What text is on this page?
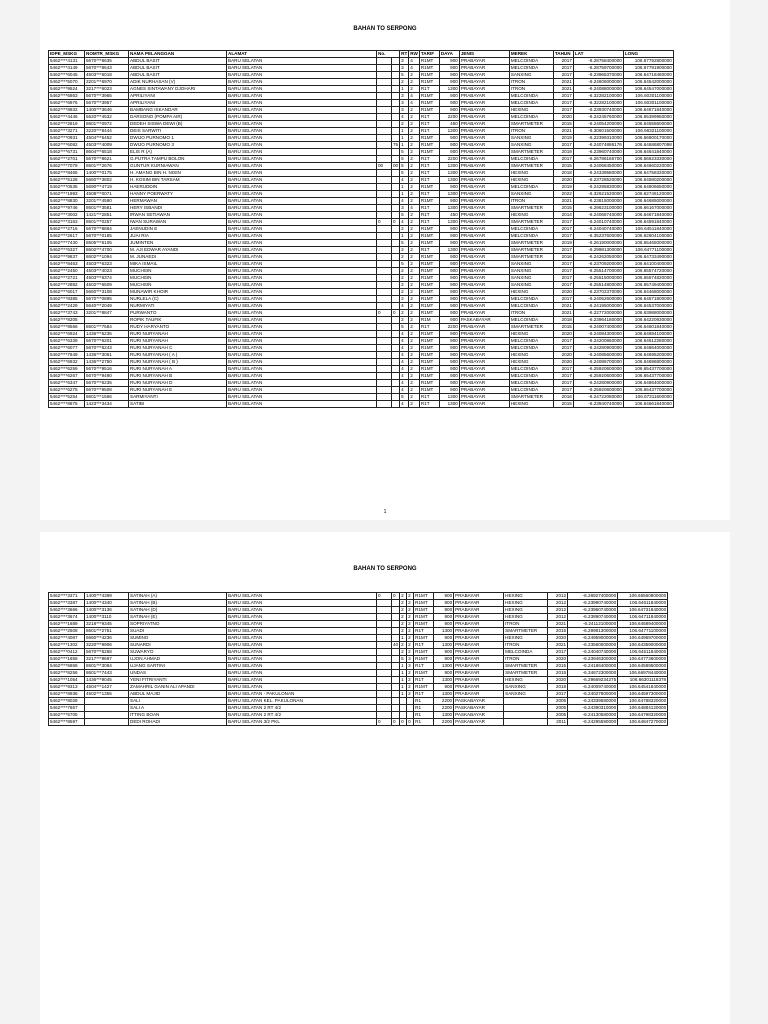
BAHAN TO SERPONG
IDPE_MSKG	NOMTR_MSKG	NAMA PELANGGAN	ALAMAT	No.		RT	RW	TARIF	DAYA	JENIS	MEREK	TAHUN	LAT	LONG
5462****4131	5670***8635	ABDUL BASIT	BARU SELATAN			3	4	R1MT	900	PRABAYAR	MELCOINDA	2017	-6.28758400000	106.67792800000
5462****4149	5670***8643	ABDUL BASIT	BARU SELATAN			3	4	R1MT	900	PRABAYAR	MELCOINDA	2017	-6.28759700000	106.67791900000
5462****6045	4503***6018	ABDUL BASIT	BARU SELATAN			5	2	R1MT	900	PRABAYAR	SANXING	2017	-6.23965370000	106.64718480000
5462****5070	3201***6970	ADIK NURHASAN (V)	BARU SELATAN			2	2	R1MT	900	PRABAYAR	ITRON	2021	-6.24606000000	106.64542000000
5462****9524	3217***6023	AGNES SINTAWANY DJOHARI	BARU SELATAN			1	2	R1T	1300	PRABAYAR	ITRON	2021	-6.24088000000	106.64547000000
5462****6863	5670***3965	APRILIYANI	BARU SELATAN			3	4	R1MT	900	PRABAYAR	MELCOINDA	2017	-6.32282100000	106.60301100000
5462****6976	5670***3957	APRILIYANI	BARU SELATAN			3	4	R1MT	900	PRABAYAR	MELCOINDA	2017	-6.32282100000	106.60301100000
5462****8832	1400***3646	BAMBANG ISKANDAR	BARU SELATAN			3	2	R1MT	900	PRABAYAR	HEXING	2017	-6.23930740000	106.64671840000
5462****4446	5620***4532	DARSONO (POMPA AIR)	BARU SELATAN			4	2	R1T	2200	PRABAYAR	MELCOINDA	2020	-6.24245760000	106.65399950000
5462****2819	8601***0972	DEDEH SISWA DEWI (B)	BARU SELATAN			2	2	R1T	450	PRABAYAR	SMARTMETER	2015	-6.24054200000	106.64558600000
5462****3271	3220***8444	DEIS SARWITI	BARU SELATAN			1	2	R1T	1300	PRABAYAR	ITRON	2021	-6.30601500000	106.66321100000
5462****0931	4504***5452	DWIJO PURNOMO 1	BARU SELATAN			1	2	R1MT	900	PRABAYAR	SANXING	2019	-6.22399310000	106.66800170000
5462****6082	4503***4009	DWIJO PURNOMO 3	BARU SELATAN		75	1	2	R1MT	900	PRABAYAR	SANXING	2017	-6.24074886176	106.64686807098
5462****6731	8604***6518	ELIS R (A)	BARU SELATAN			5	2	R1MT	900	PRABAYAR	SMARTMETER	2019	-6.23960740000	106.64641840000
5462****2701	5670***8621	G.PUTRA TAMPU BOLON	BARU SELATAN			5	2	R1T	2200	PRABAYAR	MELCOINDA	2017	-6.26786166700	106.56623330000
5462****7079	8601***2676	GUNTUR KURNIAWAN	BARU SELATAN	00	00	5	2	R1T	1300	PRABAYAR	SMARTMETER	2015	-6.24068450000	106.64660220000
5462****8465	1400***0175	H. AMANG BIN H. NISIN	BARU SELATAN			5	2	R1T	1300	PRABAYAR	HEXING	2018	-6.24339580000	106.64758320000
5462****5128	5660***3802	H. KOSIM BIN TARSAM	BARU SELATAN			4	2	R1T	1300	PRABAYAR	HEXING	2020	-6.23728520000	106.64580200000
5462****0535	5690***4719	HAERUDDIN	BARU SELATAN			1	2	R1MT	900	PRABAYAR	MELCOINDA	2019	-6.24295830000	106.64806650000
5462****1993	4508***0071	HANNY POERWATY	BARU SELATAN			1	2	R1T	1300	PRABAYAR	SANXING	2022	-6.32621520000	106.62746120000
5462****8830	3201***4590	HERMAWAN	BARU SELATAN			4	2	R1MT	900	PRABAYAR	ITRON	2021	-6.23815000000	106.64685000000
5462****9746	8601***3581	HERY ISBANDI	BARU SELATAN			3	4	R1T	1300	PRABAYAR	SMARTMETER	2015	-6.29623100000	106.66167000000
5462****3002	1421***2851	IRWAN SETIAWAN	BARU SELATAN			5	2	R1T	450	PRABAYAR	HEXING	2014	-6.24068740000	106.64671840000
5462****3163	8601***0257	IWAN SURAWAN	BARU SELATAN	0	0	4	2	R1T	1300	PRABAYAR	SMARTMETER	2017	-6.24010740000	106.64591840000
5462****2716	5670***8864	JAENUDIN E	BARU SELATAN			2	2	R1MT	900	PRABAYAR	MELCOINDA	2017	-6.24040740000	106.64511840000
5462****2617	5670***0185	JUAI RIA	BARU SELATAN			1	2	R1MT	900	PRABAYAR	MELCOINDA	2017	-6.35237600000	106.62804100000
5462****7430	8605***6105	JUMINTEN	BARU SELATAN			5	2	R1MT	900	PRABAYAR	SMARTMETER	2019	-6.26190000000	106.65465000000
5462****6327	8602***4700	M. AJI EDWAR AYANDI	BARU SELATAN			2	2	R1T	1300	PRABAYAR	SMARTMETER	2017	-6.29981300000	106.64771100000
5462****9837	8602***1094	M. JUNAEDI	BARU SELATAN			2	2	R1MT	900	PRABAYAR	SMARTMETER	2016	-6.24262050000	106.64733490000
5462****8463	4503***6323	MIKA ISMAIL	BARU SELATAN			5	2	R1MT	900	PRABAYAR	SANXING	2017	-6.23709200000	106.64100400000
5462****2450	4503***4023	MUCHSIN	BARU SELATAN			2	2	R1MT	900	PRABAYAR	SANXING	2017	-6.25514700000	106.65574720000
5462****2721	4503***6374	MUCHSIN	BARU SELATAN			2	2	R1MT	900	PRABAYAR	SANXING	2017	-6.25515000000	106.65574820000
5462****2882	4502***6509	MUCHSIN	BARU SELATAN			2	2	R1MT	900	PRABAYAR	SANXING	2017	-6.25514800000	106.65749400000
5462****6017	5660***3108	MUNAWIR KHOIR	BARU SELATAN			2	2	R1MT	900	PRABAYAR	HEXING	2020	-6.23702370000	106.64468000000
5462****8385	5670***0895	NURLELA (C)	BARU SELATAN			2	2	R1MT	900	PRABAYAR	MELCOINDA	2017	-6.24052600000	106.64571800000
5462****2429	5640***2049	NURMIYATI	BARU SELATAN			4	2	R1MT	900	PRABAYAR	MELCOINDA	2021	-6.24195000000	106.64537000000
5462****3743	3201***8847	PURWANTO	BARU SELATAN	0	0	2	2	R1MT	900	PRABAYAR	ITRON	2021	-6.22772000000	106.63988000000
5462****8205		ROPIK TAUFIK	BARU SELATAN			2	2	R1M	900	PASKABAYAR	MELCOINDA	2018	-6.23964180000	106.64220930000
5462****9566	8601***7584	RUDY HARYANTO	BARU SELATAN			5	2	R1T	2200	PRABAYAR	SMARTMETER	2015	-6.24007400000	106.64601840000
5462****6924	1436***5235	RURI NURYANAH	BARU SELATAN			4	2	R1MT	900	PRABAYAR	HEXING	2020	-6.24084300000	106.64694100000
5462****6339	5670***6201	RURI NURYANAH	BARU SELATAN			4	2	R1MT	900	PRABAYAR	MELCOINDA	2017	-6.24200860000	106.64612280000
5462****6077	5670***6243	RURI NURYANAH C	BARU SELATAN			4	2	R1MT	900	PRABAYAR	MELCOINDA	2017	-6.24280900000	106.64864000000
5462****7649	1436***3061	RURI NURYANAH ( A )	BARU SELATAN			4	2	R1MT	900	PRABAYAR	HEXING	2020	-6.24085600000	106.64695200000
5462****6932	1436***2750	RURI NURYANAH ( B )	BARU SELATAN			4	2	R1MT	900	PRABAYAR	HEXING	2020	-6.24086700000	106.64696800000
5462****6259	5670***9516	RURI NURYANAH A	BARU SELATAN			4	2	R1MT	900	PRABAYAR	MELCOINDA	2017	-6.25920600000	106.65437700000
5462****6267	5670***9490	RURI NURYANAH B	BARU SELATAN			4	2	R1MT	900	PRABAYAR	MELCOINDA	2017	-6.25920600000	106.65437700000
5462****6347	5670***6235	RURI NURYANAH D	BARU SELATAN			4	2	R1MT	900	PRABAYAR	MELCOINDA	2017	-6.24280900000	106.64864000000
5462****6275	5670***9508	RURI NURYANAH E	BARU SELATAN			4	2	R1MT	900	PRABAYAR	MELCOINDA	2017	-6.25920600000	106.65437700000
5462****5254	8601***1566	SARMIYANTI	BARU SELATAN			5	2	R1T	1300	PRABAYAR	SMARTMETER	2016	-6.24722080000	106.67311600000
5462****8875	1423***3434	SATIBI	BARU SELATAN			4	2	R1T	1300	PRABAYAR	HEXING	2015	-6.23940740000	106.64661840000
1
BAHAN TO SERPONG
5462****3371	1400***4399	SATINAH (A)	BARU SELATAN	0	0	2	2	R1MT	900	PRABAYAR	HEXING	2012	-6.26927400000	106.66560800000
5462****3387	1400***4340	SATINAH (B)	BARU SELATAN			2	2	R1MT	900	PRABAYAR	HEXING	2012	-6.23990740000	106.64611840000
5462****3666	1400***3136	SATINAH (D)	BARU SELATAN			2	2	R1MT	900	PRABAYAR	HEXING	2012	-6.23960740000	106.64731840000
5462****3674	1400***3110	SATINAH (E)	BARU SELATAN			2	2	R1MT	900	PRABAYAR	HEXING	2012	-6.23890740000	106.64711840000
5462****1689	3218***9345	SOPRIYATNO	BARU SELATAN			2	2	R1MT	900	PRABAYAR	ITRON	2021	-6.24112100000	106.64589400000
5462****2508	8601***2751	SUADI	BARU SELATAN			2	2	R1T	1300	PRABAYAR	SMARTMETER	2015	-6.29981300000	106.64771100000
5462****4087	5660***4236	SUMINO	BARU SELATAN			1	2	R1MT	900	PRABAYAR	HEXING	2020	-6.24959000000	106.64959700000
5462****1302	3220***9906	SUNARDI	BARU SELATAN		40	2	2	R1T	1300	PRABAYAR	ITRON	2021	-6.23560000000	106.64359000000
5462****0412	5670***6268	SUWARYO	BARU SELATAN			2	2	R1MT	900	PRABAYAR	MELCOINDA	2017	-6.24040740000	106.64511840000
5462****1658	3217***9697	UJON AHMAD	BARU SELATAN			5	3	R1MT	900	PRABAYAR	ITRON	2020	-6.23946300000	106.64773600000
5462****5868	8601***3094	UJANG SARTINI	BARU SELATAN			1	3	R1T	1300	PRABAYAR	SMARTMETER	2015	-6.24186400000	106.64589500000
5462****8256	8601***7443	UNDAS	BARU SELATAN			1	2	R1MT	900	PRABAYAR	SMARTMETER	2015	-6.34672300000	106.66978440000
5462****1054	1436***9045	YENI FITRIYANTI	BARU SELATAN			1	2	R1T	1300	PRABAYAR	HEXING	2020	-6.29669234275	106.66301118378
5462****9313	4504***1427	ZAMAHRIL GANIN ALI APANDI	BARU SELATAN			1	2	R1MT	900	PRABAYAR	SANXING	2018	-6.24009740000	106.64541840000
5462****8936	4502***1355	ABDUL MAJID	BARU SELATAN - PAKULONAN			1	2	R1T	1300	PRABAYAR	SANXING	2017	-6.24027800000	106.64597300000
5462****8028		SALI	BARU SELATAN KEL. PAKULONAN					R1	2200	PASKABAYAR		2005	-6.24339580000	106.64788320000
5462****7657		SALI A	BARU SELATAN 2 RT 4/2					R1	2200	PASKABAYAR		2005	-6.24390310000	106.64884120000
5462****5705		ITTING BOAN	BARU SELATAN 2 RT 4/2					R1	1300	PASKABAYAR		2005	-6.24130580000	106.64798320000
5462****8597		DEDI ROHADI	BARU SELATAN 3/2 PKL	0	0	0	0	R1	2200	PASKABAYAR		2011	-6.24295590000	106.64847270000
